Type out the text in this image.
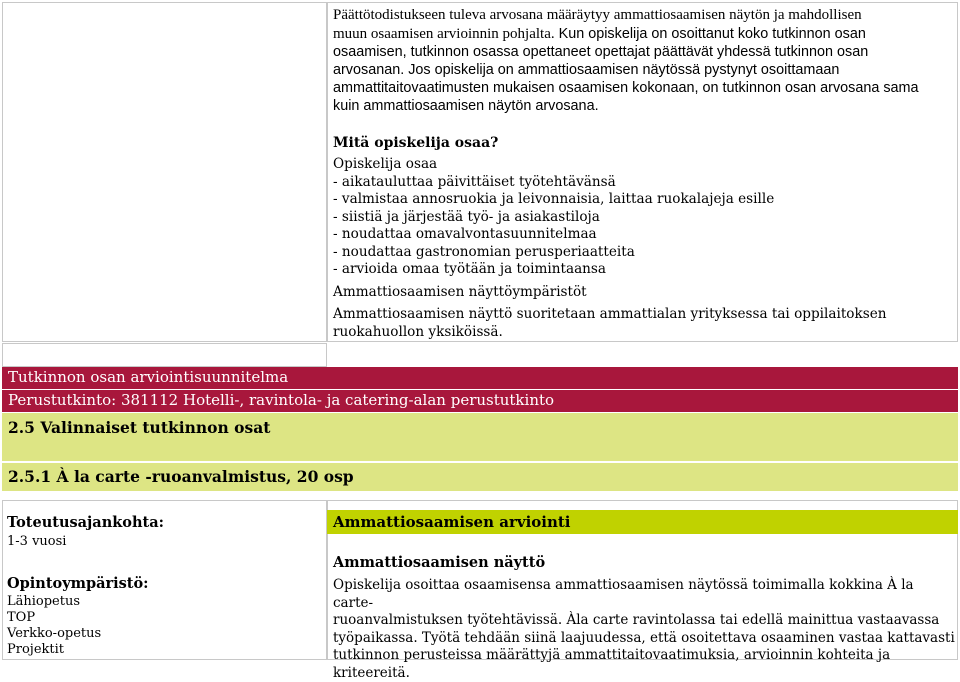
Päättötodistukseen tuleva arvosana määräytyy ammattiosaamisen näytön ja mahdollisen
muun osaamisen arvioinnin pohjalta. Kun opiskelija on osoittanut koko tutkinnon osan
osaamisen, tutkinnon osassa opettaneet opettajat päättävät yhdessä tutkinnon osan
arvosanan. Jos opiskelija on ammattiosaamisen näytössä pystynyt osoittamaan
ammattitaitovaatimusten mukaisen osaamisen kokonaan, on tutkinnon osan arvosana sama
kuin ammattiosaamisen näytön arvosana.
Mitä opiskelija osaa?
Opiskelija osaa
- aikatauluttaa päivittäiset työtehtävänsä
- valmistaa annosruokia ja leivonnaisia, laittaa ruokalajeja esille
- siistiä ja järjestää työ- ja asiakastiloja
- noudattaa omavalvontasuunnitelmaa
- noudattaa gastronomian perusperiaatteita
- arvioida omaa työtään ja toimintaansa
Ammattiosaamisen näyttöympäristöt
Ammattiosaamisen näyttö suoritetaan ammattialan yrityksessa tai oppilaitoksen
ruokahuollon yksiköissä.
Tutkinnon osan arviointisuunnitelma
Perustutkinto: 381112 Hotelli-, ravintola- ja catering-alan perustutkinto
2.5 Valinnaiset tutkinnon osat
2.5.1 À la carte -ruoanvalmistus, 20 osp
Toteutusajankohta:
1-3 vuosi
Opintoympäristö:
Lähiopetus
TOP
Verkko-opetus
Projektit
Ammattiosaamisen arviointi
Ammattiosaamisen näyttö
Opiskelija osoittaa osaamisensa ammattiosaamisen näytössä toimimalla kokkina À la carte-
ruoanvalmistuksen työtehtävissä. Àla carte ravintolassa tai edellä mainittua vastaavassa
työpaikassa. Työtä tehdään siinä laajuudessa, että osoitettava osaaminen vastaa kattavasti
tutkinnon perusteissa määrättyjä ammattitaitovaatimuksia, arvioinnin kohteita ja kriteereitä.
